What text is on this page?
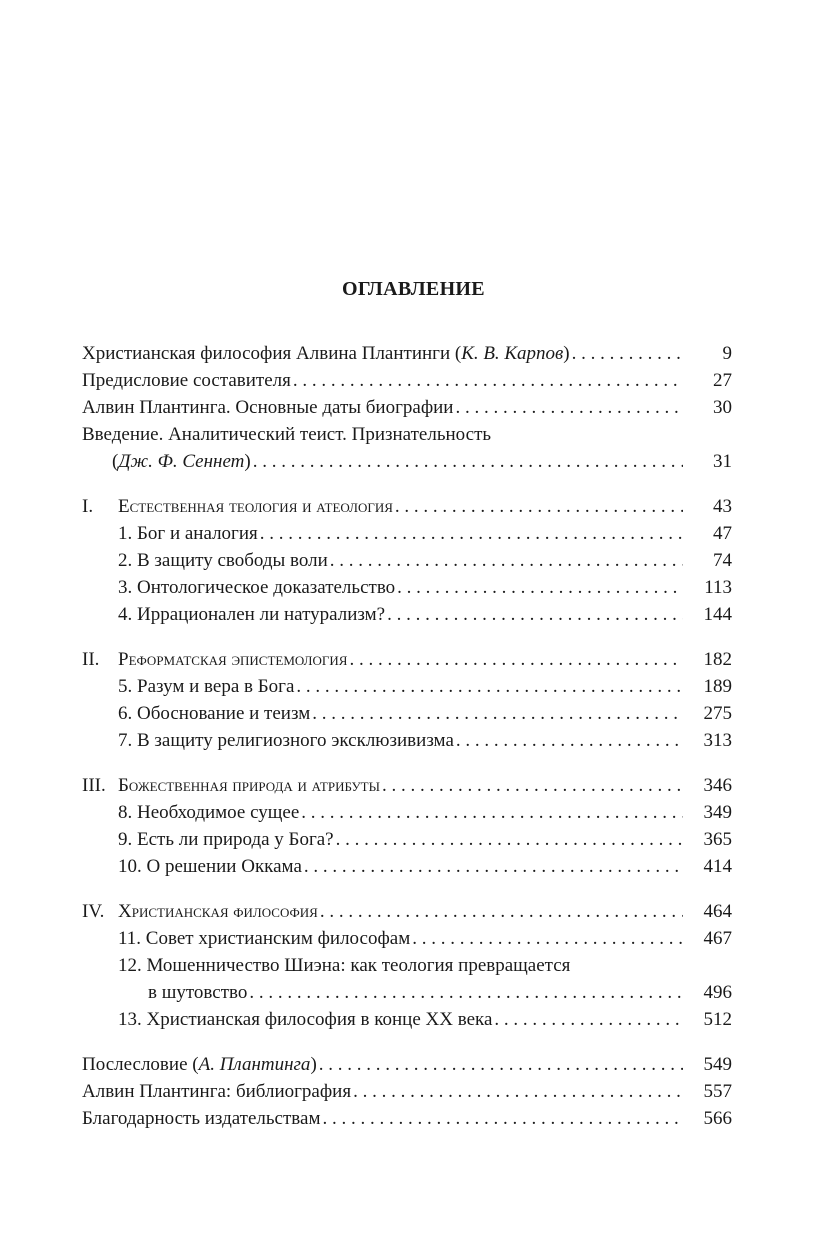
ОГЛАВЛЕНИЕ
Христианская философия Алвина Плантинги (К. В. Карпов) . . .	9
Предисловие составителя . . .	27
Алвин Плантинга. Основные даты биографии . . .	30
Введение. Аналитический теист. Признательность
(Дж. Ф. Сеннет) . . .	31
I. Естественная теология и атеология . . .	43
1. Бог и аналогия . . .	47
2. В защиту свободы воли . . .	74
3. Онтологическое доказательство . . .	113
4. Иррационален ли натурализм? . . .	144
II. Реформатская эпистемология . . .	182
5. Разум и вера в Бога . . .	189
6. Обоснование и теизм . . .	275
7. В защиту религиозного эксклюзивизма . . .	313
III. Божественная природа и атрибуты . . .	346
8. Необходимое сущее . . .	349
9. Есть ли природа у Бога? . . .	365
10. О решении Оккама . . .	414
IV. Христианская философия . . .	464
11. Совет христианским философам . . .	467
12. Мошенничество Шиэна: как теология превращается
в шутовство . . .	496
13. Христианская философия в конце XX века . . .	512
Послесловие (А. Плантинга) . . .	549
Алвин Плантинга: библиография . . .	557
Благодарность издательствам . . .	566
